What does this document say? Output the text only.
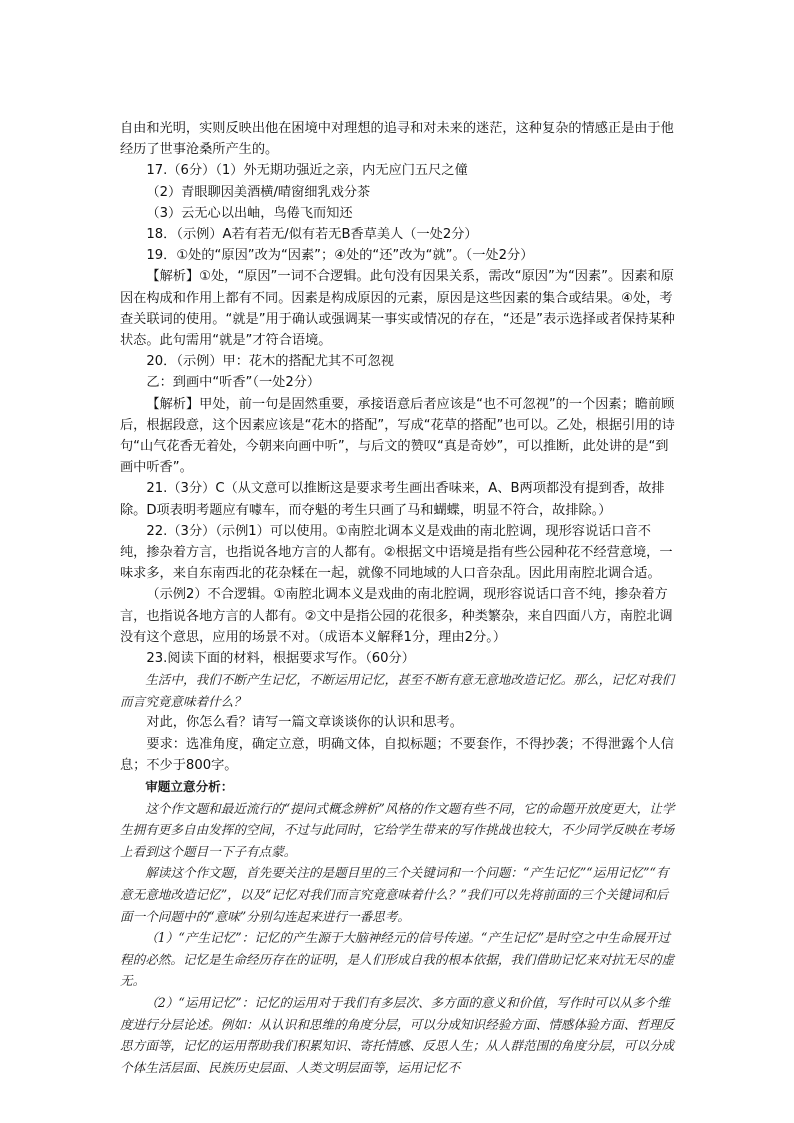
自由和光明，实则反映出他在困境中对理想的追寻和对未来的迷茫，这种复杂的情感正是由于他经历了世事沧桑所产生的。

17.（6分）（1）外无期功强近之亲，内无应门五尺之僮

（2）青眼聊因美酒横/晴窗细乳戏分茶

（3）云无心以出岫，鸟倦飞而知还

18．（示例）A若有若无/似有若无B香草美人（一处2分）

19．①处的“原因”改为“因素”；④处的“还”改为“就”。（一处2分）

【解析】①处，“原因”一词不合逻辑。此句没有因果关系，需改“原因”为“因素”。因素和原因在构成和作用上都有不同。因素是构成原因的元素，原因是这些因素的集合或结果。④处，考查关联词的使用。“就是”用于确认或强调某一事实或情况的存在，“还是”表示选择或者保持某种状态。此句需用“就是”才符合语境。

20．（示例）甲：花木的搭配尤其不可忽视

乙：到画中“听香”（一处2分）

【解析】甲处，前一句是固然重要，承接语意后者应该是“也不可忽视”的一个因素；瞻前顾后，根据段意，这个因素应该是“花木的搭配”，写成“花草的搭配”也可以。乙处，根据引用的诗句“山气花香无着处，今朝来向画中听”，与后文的赞叹“真是奇妙”，可以推断，此处讲的是“到画中听香”。

21.（3分）C（从文意可以推断这是要求考生画出香味来，A、B两项都没有提到香，故排除。D项表明考题应有噱车，而夺魁的考生只画了马和蝴蝶，明显不符合，故排除。）

22.（3分）（示例1）可以使用。①南腔北调本义是戏曲的南北腔调，现形容说话口音不纯，掺杂着方言，也指说各地方言的人都有。②根据文中语境是指有些公园种花不经营意境，一味求多，来自东南西北的花杂糅在一起，就像不同地域的人口音杂乱。因此用南腔北调合适。

（示例2）不合逻辑。①南腔北调本义是戏曲的南北腔调，现形容说话口音不纯，掺杂着方言，也指说各地方言的人都有。②文中是指公园的花很多，种类繁杂，来自四面八方，南腔北调没有这个意思，应用的场景不对。（成语本义解释1分，理由2分。）

23.阅读下面的材料，根据要求写作。（60分）

生活中，我们不断产生记忆，不断运用记忆，甚至不断有意无意地改造记忆。那么，记忆对我们而言究竟意味着什么？

对此，你怎么看？请写一篇文章谈谈你的认识和思考。

要求：选准角度，确定立意，明确文体，自拟标题；不要套作，不得抄袭；不得泄露个人信息；不少于800字。

审题立意分析：

这个作文题和最近流行的“提问式概念辨析”风格的作文题有些不同，它的命题开放度更大，让学生拥有更多自由发挥的空间，不过与此同时，它给学生带来的写作挑战也较大，不少同学反映在考场上看到这个题目一下子有点蒙。

解读这个作文题，首先要关注的是题目里的三个关键词和一个问题：“产生记忆”“运用记忆”“有意无意地改造记忆”，以及“记忆对我们而言究竟意味着什么？”我们可以先将前面的三个关键词和后面一个问题中的“意味”分别勾连起来进行一番思考。

（1）“产生记忆”：记忆的产生源于大脑神经元的信号传递。“产生记忆”是时空之中生命展开过程的必然。记忆是生命经历存在的证明，是人们形成自我的根本依据，我们借助记忆来对抗无尽的虚无。

（2）“运用记忆”：记忆的运用对于我们有多层次、多方面的意义和价值，写作时可以从多个维度进行分层论述。例如：从认识和思维的角度分层，可以分成知识经验方面、情感体验方面、哲理反思方面等，记忆的运用帮助我们积累知识、寄托情感、反思人生；从人群范围的角度分层，可以分成个体生活层面、民族历史层面、人类文明层面等，运用记忆不
